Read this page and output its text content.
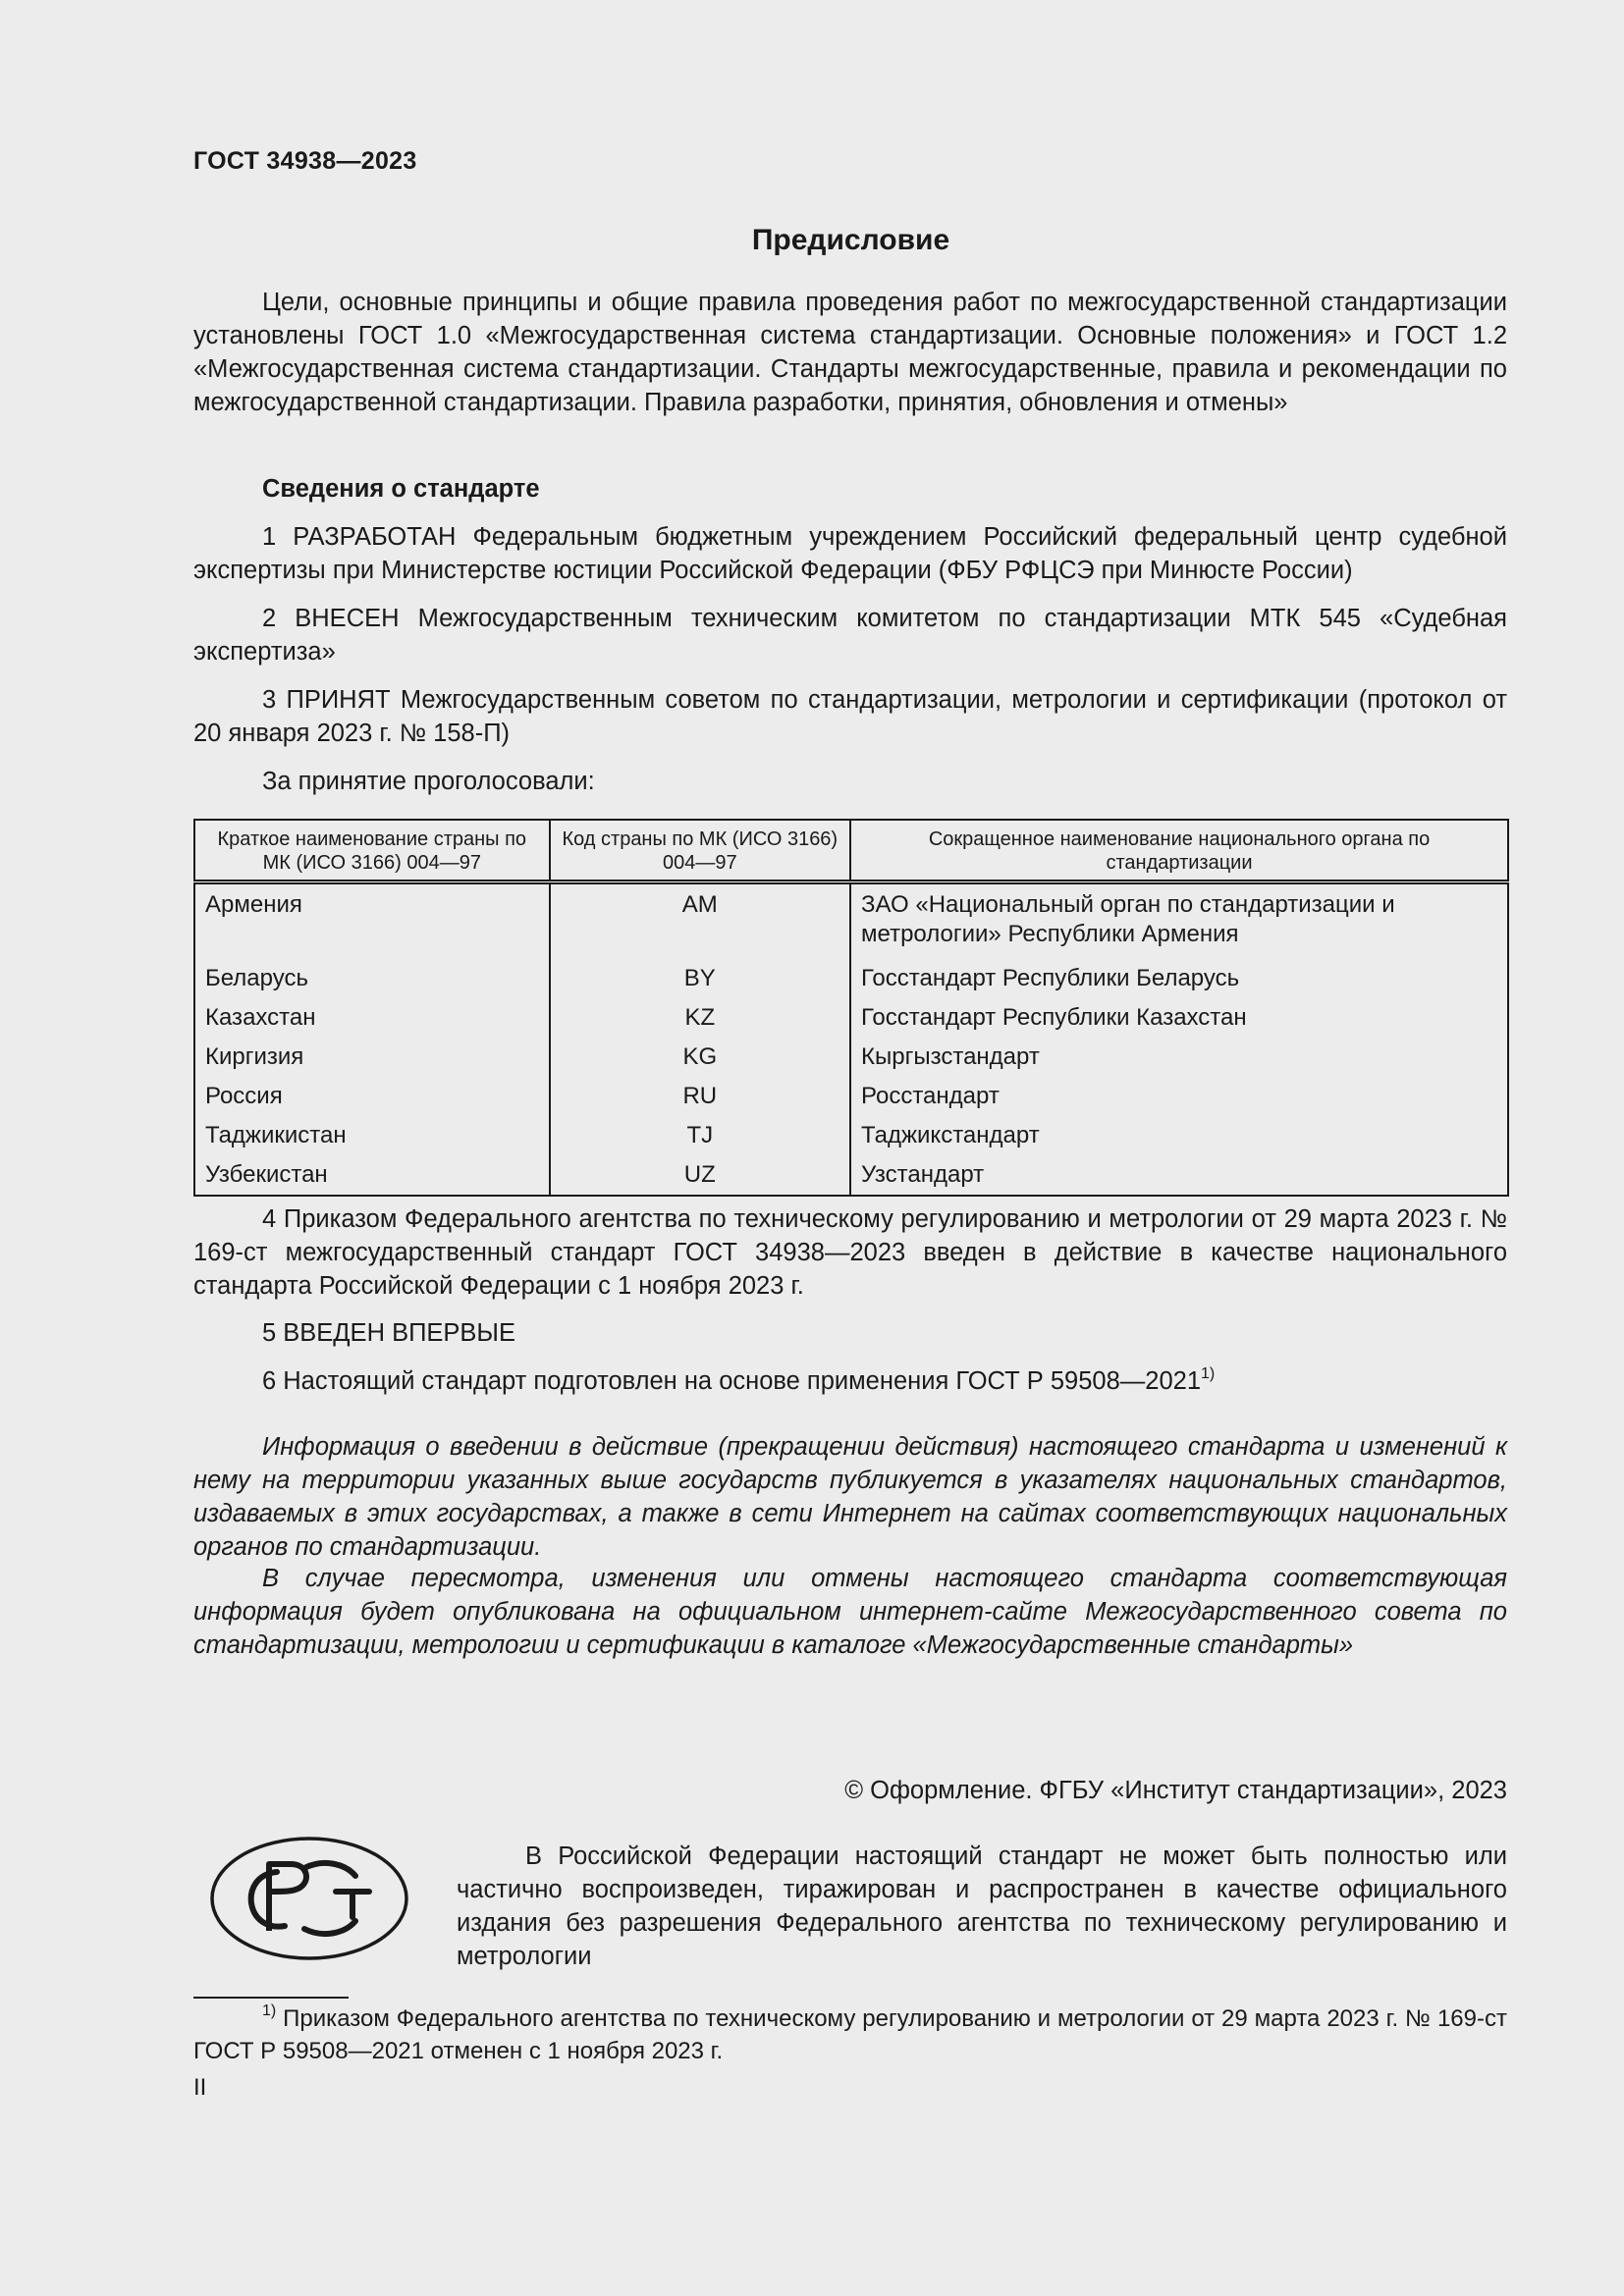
ГОСТ 34938—2023
Предисловие
Цели, основные принципы и общие правила проведения работ по межгосударственной стандартизации установлены ГОСТ 1.0 «Межгосударственная система стандартизации. Основные положения» и ГОСТ 1.2 «Межгосударственная система стандартизации. Стандарты межгосударственные, правила и рекомендации по межгосударственной стандартизации. Правила разработки, принятия, обновления и отмены»
Сведения о стандарте
1 РАЗРАБОТАН Федеральным бюджетным учреждением Российский федеральный центр судебной экспертизы при Министерстве юстиции Российской Федерации (ФБУ РФЦСЭ при Минюсте России)
2 ВНЕСЕН Межгосударственным техническим комитетом по стандартизации МТК 545 «Судебная экспертиза»
3 ПРИНЯТ Межгосударственным советом по стандартизации, метрологии и сертификации (протокол от 20 января 2023 г. № 158-П)
За принятие проголосовали:
Краткое наименование страны по МК (ИСО 3166) 004—97	Код страны по МК (ИСО 3166) 004—97	Сокращенное наименование национального органа по стандартизации
Армения	AM	ЗАО «Национальный орган по стандартизации и метрологии» Республики Армения
Беларусь	BY	Госстандарт Республики Беларусь
Казахстан	KZ	Госстандарт Республики Казахстан
Киргизия	KG	Кыргызстандарт
Россия	RU	Росстандарт
Таджикистан	TJ	Таджикстандарт
Узбекистан	UZ	Узстандарт
4 Приказом Федерального агентства по техническому регулированию и метрологии от 29 марта 2023 г. № 169-ст межгосударственный стандарт ГОСТ 34938—2023 введен в действие в качестве национального стандарта Российской Федерации с 1 ноября 2023 г.
5 ВВЕДЕН ВПЕРВЫЕ
6 Настоящий стандарт подготовлен на основе применения ГОСТ Р 59508—2021$^{1)}$
Информация о введении в действие (прекращении действия) настоящего стандарта и изменений к нему на территории указанных выше государств публикуется в указателях национальных стандартов, издаваемых в этих государствах, а также в сети Интернет на сайтах соответствующих национальных органов по стандартизации.
В случае пересмотра, изменения или отмены настоящего стандарта соответствующая информация будет опубликована на официальном интернет-сайте Межгосударственного совета по стандартизации, метрологии и сертификации в каталоге «Межгосударственные стандарты»
© Оформление. ФГБУ «Институт стандартизации», 2023
В Российской Федерации настоящий стандарт не может быть полностью или частично воспроизведен, тиражирован и распространен в качестве официального издания без разрешения Федерального агентства по техническому регулированию и метрологии
$^{1)}$ Приказом Федерального агентства по техническому регулированию и метрологии от 29 марта 2023 г. № 169-ст ГОСТ Р 59508—2021 отменен с 1 ноября 2023 г.
II
